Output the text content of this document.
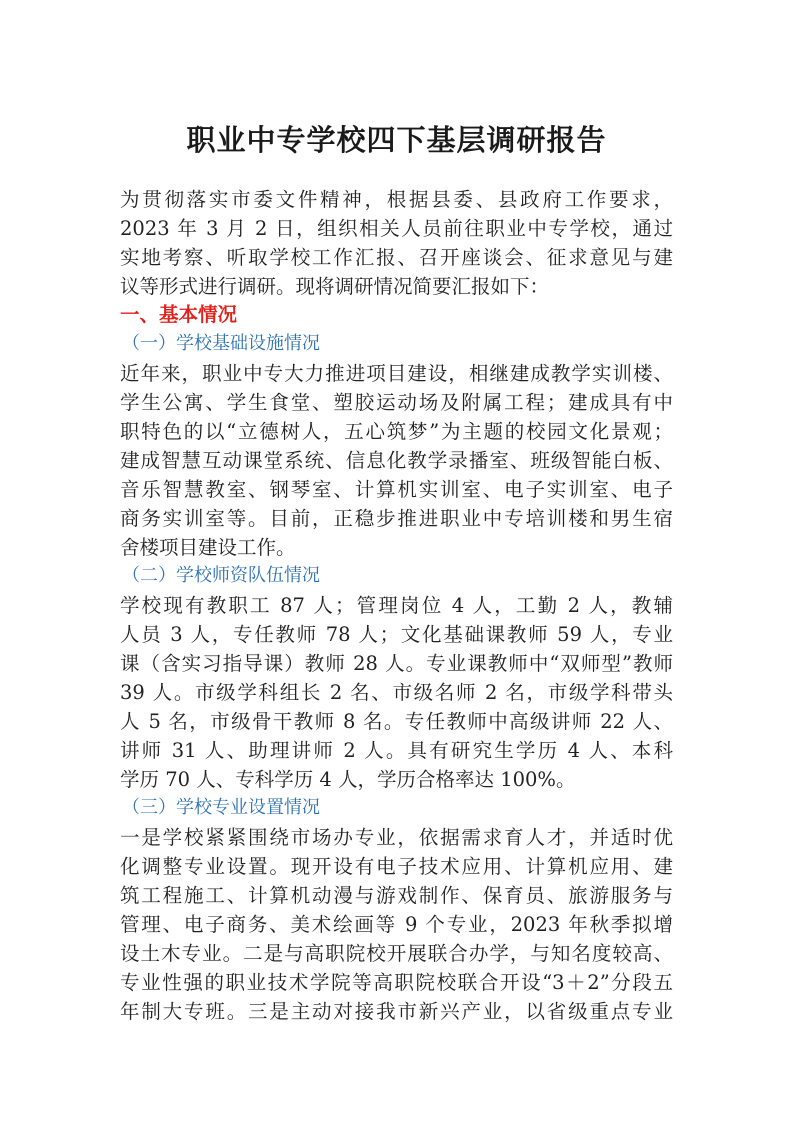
职业中专学校四下基层调研报告
为贯彻落实市委文件精神，根据县委、县政府工作要求，
2023 年 3 月 2 日，组织相关人员前往职业中专学校，通过
实地考察、听取学校工作汇报、召开座谈会、征求意见与建
议等形式进行调研。现将调研情况简要汇报如下：
一、基本情况
（一）学校基础设施情况
近年来，职业中专大力推进项目建设，相继建成教学实训楼、
学生公寓、学生食堂、塑胶运动场及附属工程；建成具有中
职特色的以“立德树人，五心筑梦”为主题的校园文化景观；
建成智慧互动课堂系统、信息化教学录播室、班级智能白板、
音乐智慧教室、钢琴室、计算机实训室、电子实训室、电子
商务实训室等。目前，正稳步推进职业中专培训楼和男生宿
舍楼项目建设工作。
（二）学校师资队伍情况
学校现有教职工 87 人；管理岗位 4 人，工勤 2 人，教辅
人员 3 人，专任教师 78 人；文化基础课教师 59 人，专业
课（含实习指导课）教师 28 人。专业课教师中“双师型”教师
39 人。市级学科组长 2 名、市级名师 2 名，市级学科带头
人 5 名，市级骨干教师 8 名。专任教师中高级讲师 22 人、
讲师 31 人、助理讲师 2 人。具有研究生学历 4 人、本科
学历 70 人、专科学历 4 人，学历合格率达 100%。
（三）学校专业设置情况
一是学校紧紧围绕市场办专业，依据需求育人才，并适时优
化调整专业设置。现开设有电子技术应用、计算机应用、建
筑工程施工、计算机动漫与游戏制作、保育员、旅游服务与
管理、电子商务、美术绘画等 9 个专业，2023 年秋季拟增
设土木专业。二是与高职院校开展联合办学，与知名度较高、
专业性强的职业技术学院等高职院校联合开设“3＋2”分段五
年制大专班。三是主动对接我市新兴产业，以省级重点专业
